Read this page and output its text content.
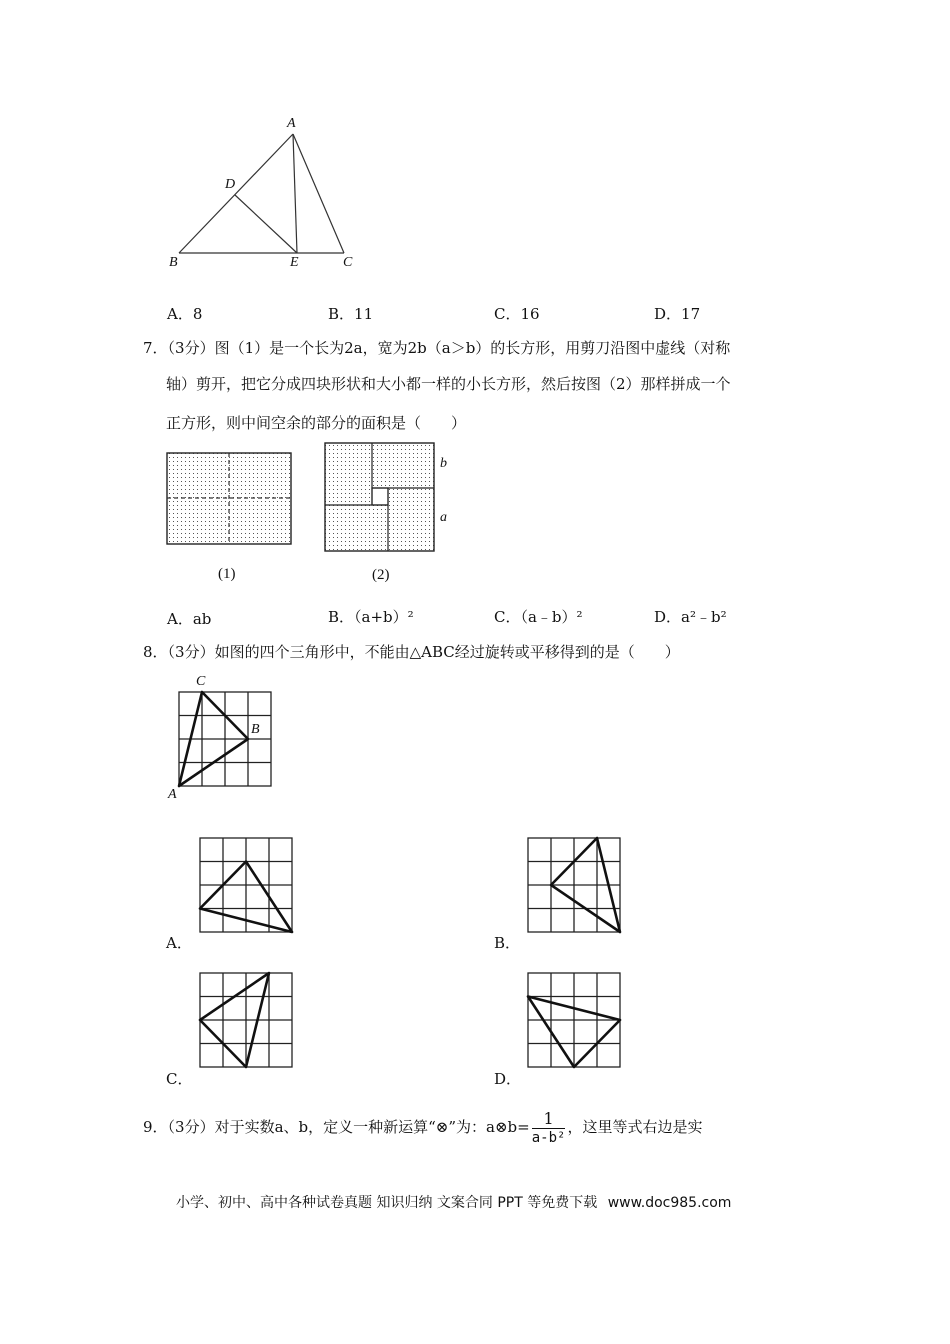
A
D
B	E	C
A．8	B．11	C．16	D．17
7．（3分）图（1）是一个长为2a，宽为2b（a＞b）的长方形，用剪刀沿图中虚线（对称
轴）剪开，把它分成四块形状和大小都一样的小长方形，然后按图（2）那样拼成一个
正方形，则中间空余的部分的面积是（　　）
b
a
(1)	(2)
A．ab	B．（a+b）²	C．（a﹣b）²	D．a²﹣b²
8．（3分）如图的四个三角形中，不能由△ABC经过旋转或平移得到的是（　　）
C
B
A
A．	B．
C．	D．
9．（3分）对于实数a、b，定义一种新运算“⊗”为：a⊗b= $\frac{1}{\text{a-b²}}$ ，这里等式右边是实
小学、初中、高中各种试卷真题 知识归纳 文案合同 PPT 等免费下载 www.doc985.com
